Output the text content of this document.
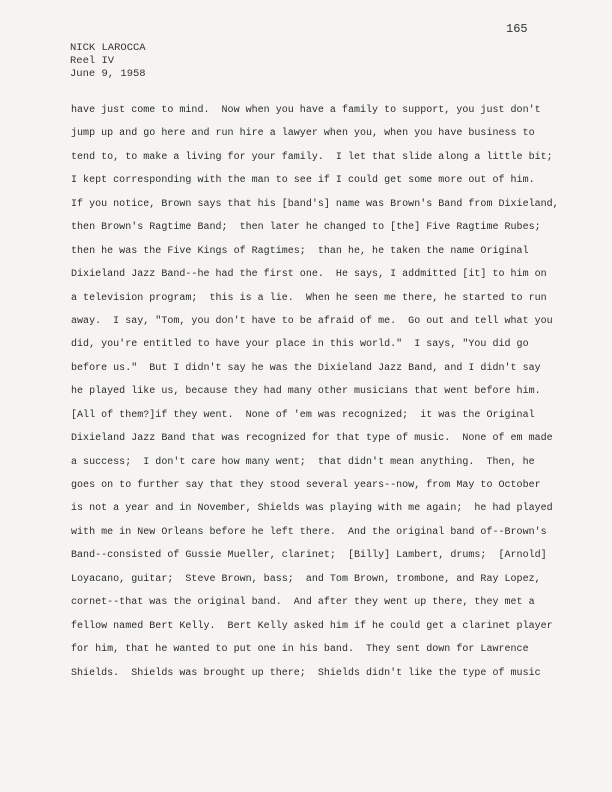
165
NICK LAROCCA
Reel IV
June 9, 1958
have just come to mind.  Now when you have a family to support, you just don't
jump up and go here and run hire a lawyer when you, when you have business to
tend to, to make a living for your family.  I let that slide along a little bit;
I kept corresponding with the man to see if I could get some more out of him.
If you notice, Brown says that his [band's] name was Brown's Band from Dixieland,
then Brown's Ragtime Band;  then later he changed to [the] Five Ragtime Rubes;
then he was the Five Kings of Ragtimes;  than he, he taken the name Original
Dixieland Jazz Band--he had the first one.  He says, I addmitted [it] to him on
a television program;  this is a lie.  When he seen me there, he started to run
away.  I say, "Tom, you don't have to be afraid of me.  Go out and tell what you
did, you're entitled to have your place in this world."  I says, "You did go
before us."  But I didn't say he was the Dixieland Jazz Band, and I didn't say
he played like us, because they had many other musicians that went before him.
[All of them?]if they went.  None of 'em was recognized;  it was the Original
Dixieland Jazz Band that was recognized for that type of music.  None of em made
a success;  I don't care how many went;  that didn't mean anything.  Then, he
goes on to further say that they stood several years--now, from May to October
is not a year and in November, Shields was playing with me again;  he had played
with me in New Orleans before he left there.  And the original band of--Brown's
Band--consisted of Gussie Mueller, clarinet;  [Billy] Lambert, drums;  [Arnold]
Loyacano, guitar;  Steve Brown, bass;  and Tom Brown, trombone, and Ray Lopez,
cornet--that was the original band.  And after they went up there, they met a
fellow named Bert Kelly.  Bert Kelly asked him if he could get a clarinet player
for him, that he wanted to put one in his band.  They sent down for Lawrence
Shields.  Shields was brought up there;  Shields didn't like the type of music
